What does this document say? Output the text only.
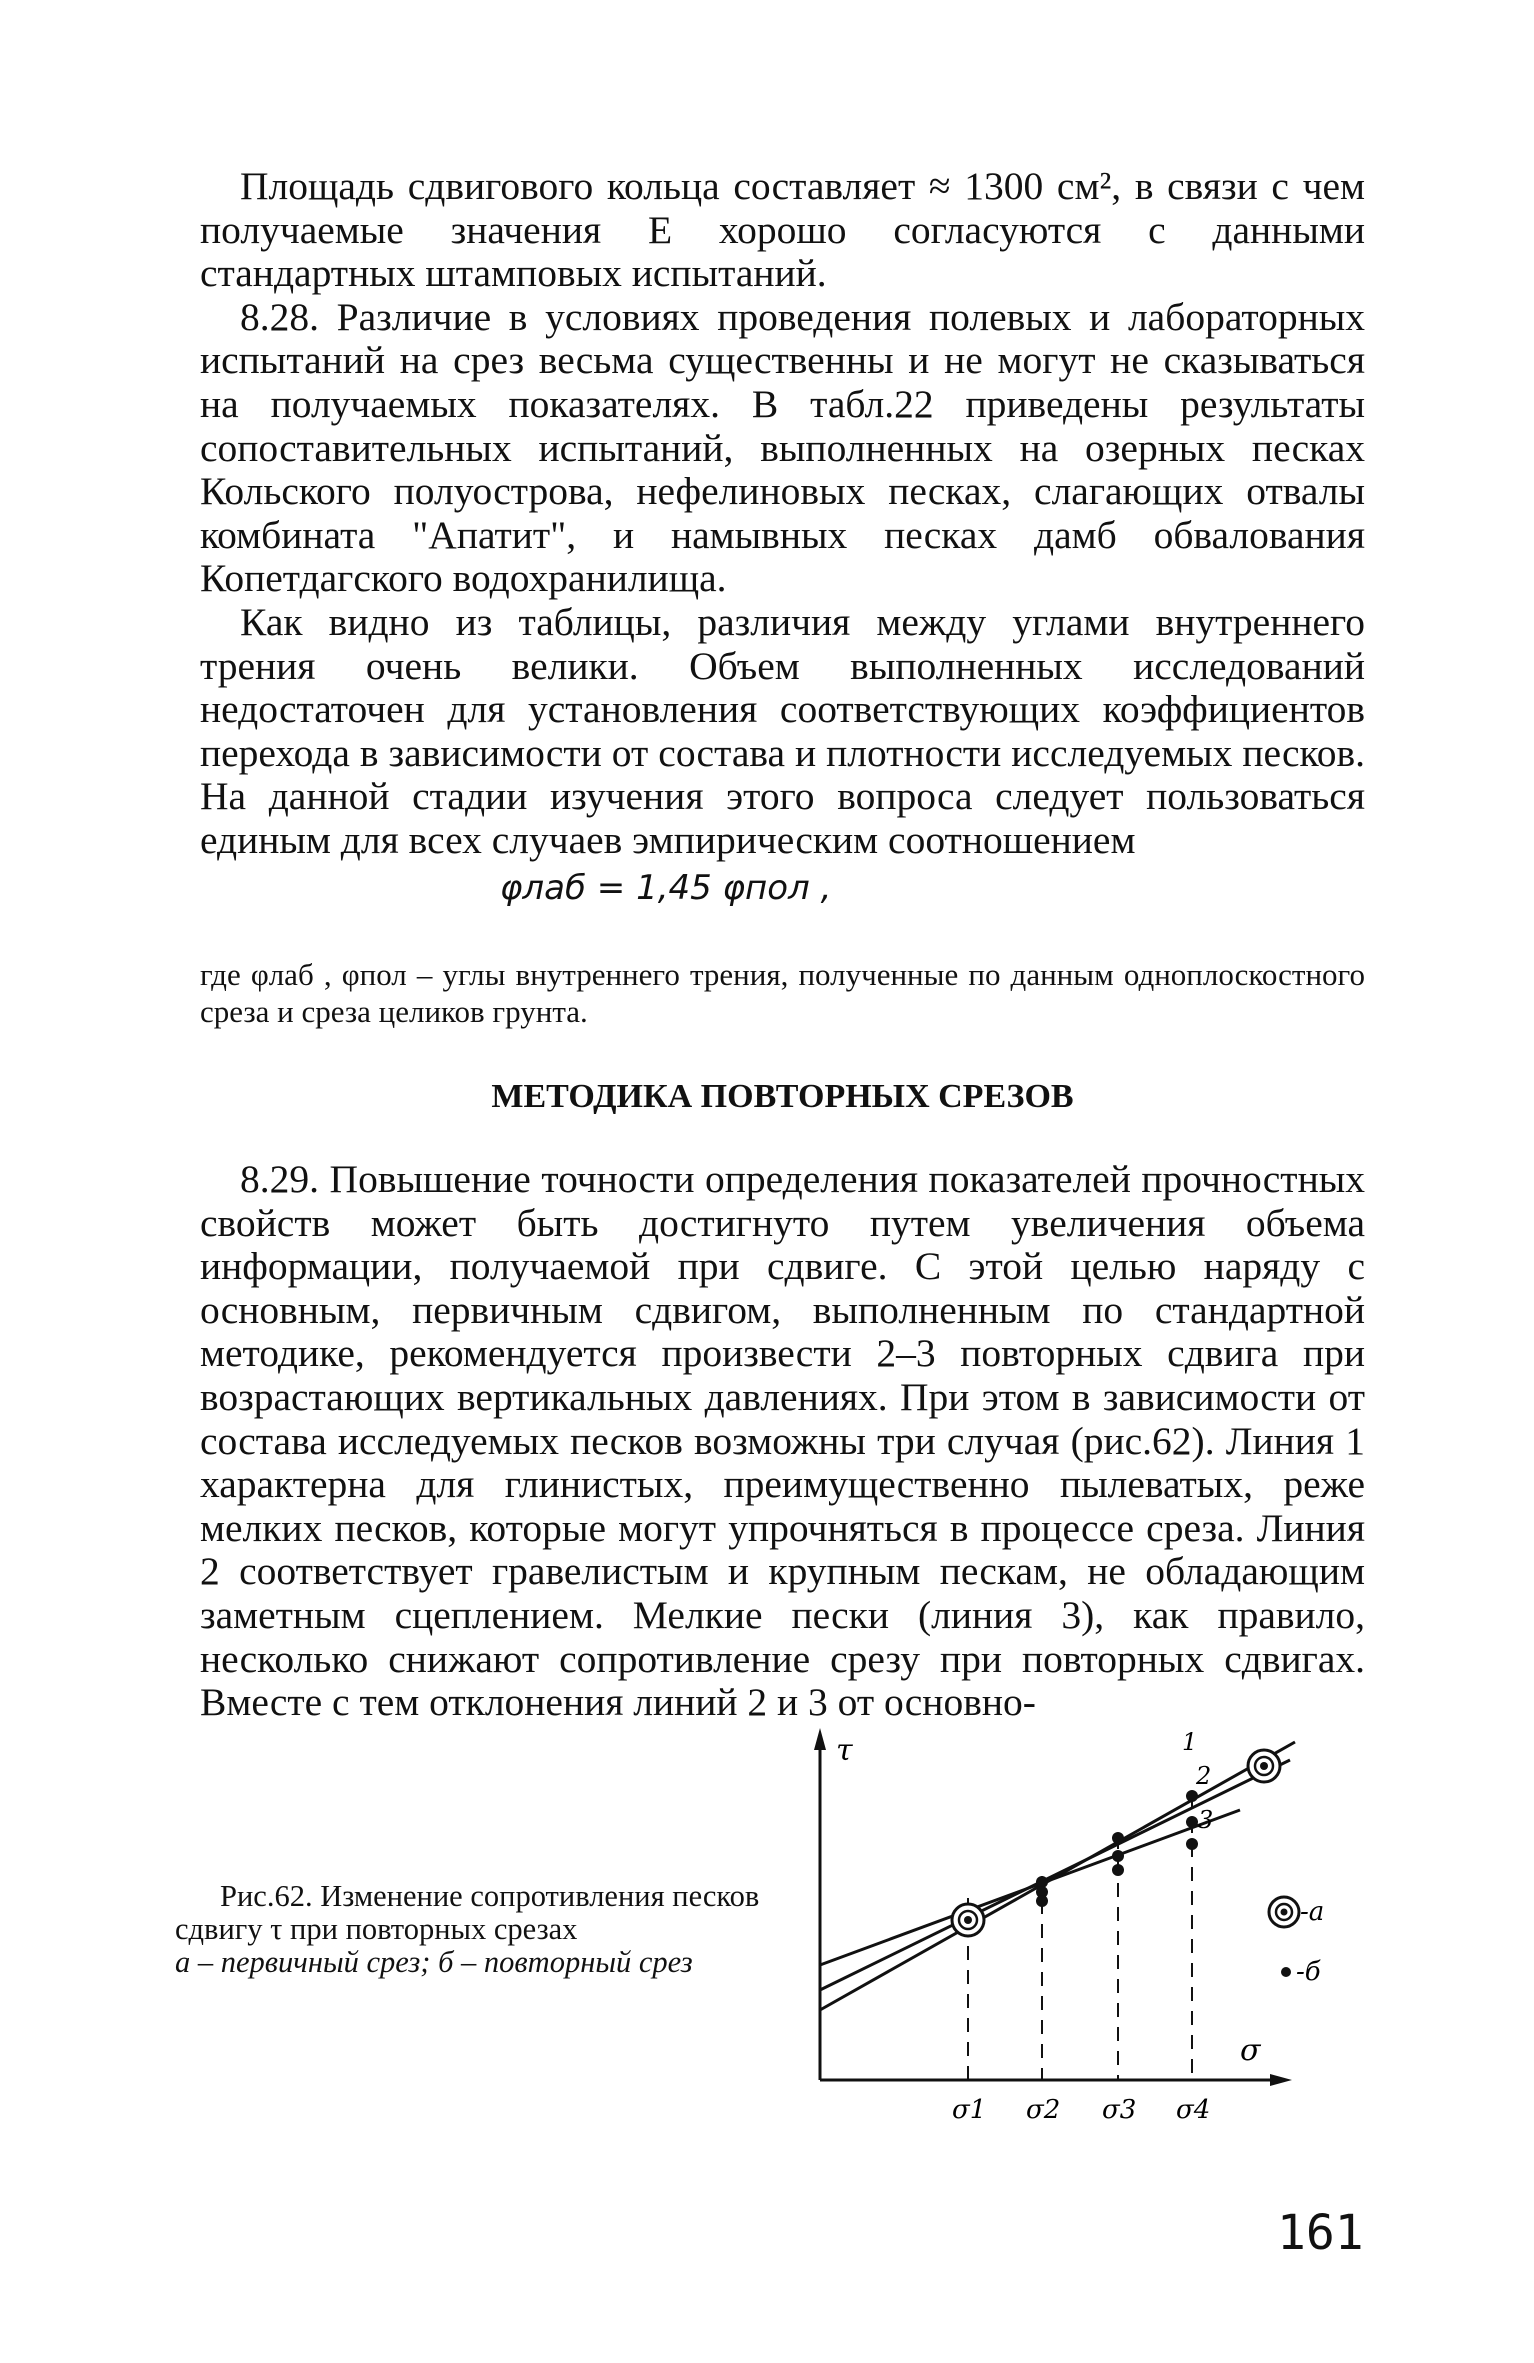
Площадь сдвигового кольца составляет ≈ 1300 см², в связи с чем получаемые значения E хорошо согласуются с данными стандартных штамповых испытаний.

8.28. Различие в условиях проведения полевых и лабораторных испытаний на срез весьма существенны и не могут не сказываться на получаемых показателях. В табл.22 приведены результаты сопоставительных испытаний, выполненных на озерных песках Кольского полуострова, нефелиновых песках, слагающих отвалы комбината "Апатит", и намывных песках дамб обвалования Копетдагского водохранилища.

Как видно из таблицы, различия между углами внутреннего трения очень велики. Объем выполненных исследований недостаточен для установления соответствующих коэффициентов перехода в зависимости от состава и плотности исследуемых песков. На данной стадии изучения этого вопроса следует пользоваться единым для всех случаев эмпирическим соотношением

φлаб = 1,45 φпол ,
где φлаб , φпол – углы внутреннего трения, полученные по данным одноплоскостного среза и среза целиков грунта.
МЕТОДИКА ПОВТОРНЫХ СРЕЗОВ

8.29. Повышение точности определения показателей прочностных свойств может быть достигнуто путем увеличения объема информации, получаемой при сдвиге. С этой целью наряду с основным, первичным сдвигом, выполненным по стандартной методике, рекомендуется произвести 2–3 повторных сдвига при возрастающих вертикальных давлениях. При этом в зависимости от состава исследуемых песков возможны три случая (рис.62). Линия 1 характерна для глинистых, преимущественно пылеватых, реже мелких песков, которые могут упрочняться в процессе среза. Линия 2 соответствует гравелистым и крупным пескам, не обладающим заметным сцеплением. Мелкие пески (линия 3), как правило, несколько снижают сопротивление срезу при повторных сдвигах. Вместе с тем отклонения линий 2 и 3 от основно-

τ
σ
σ1 σ2 σ3 σ4
1
2
3
-а
-б
Рис.62. Изменение сопротивления песков сдвигу τ при повторных срезах
а – первичный срез; б – повторный срез
161
